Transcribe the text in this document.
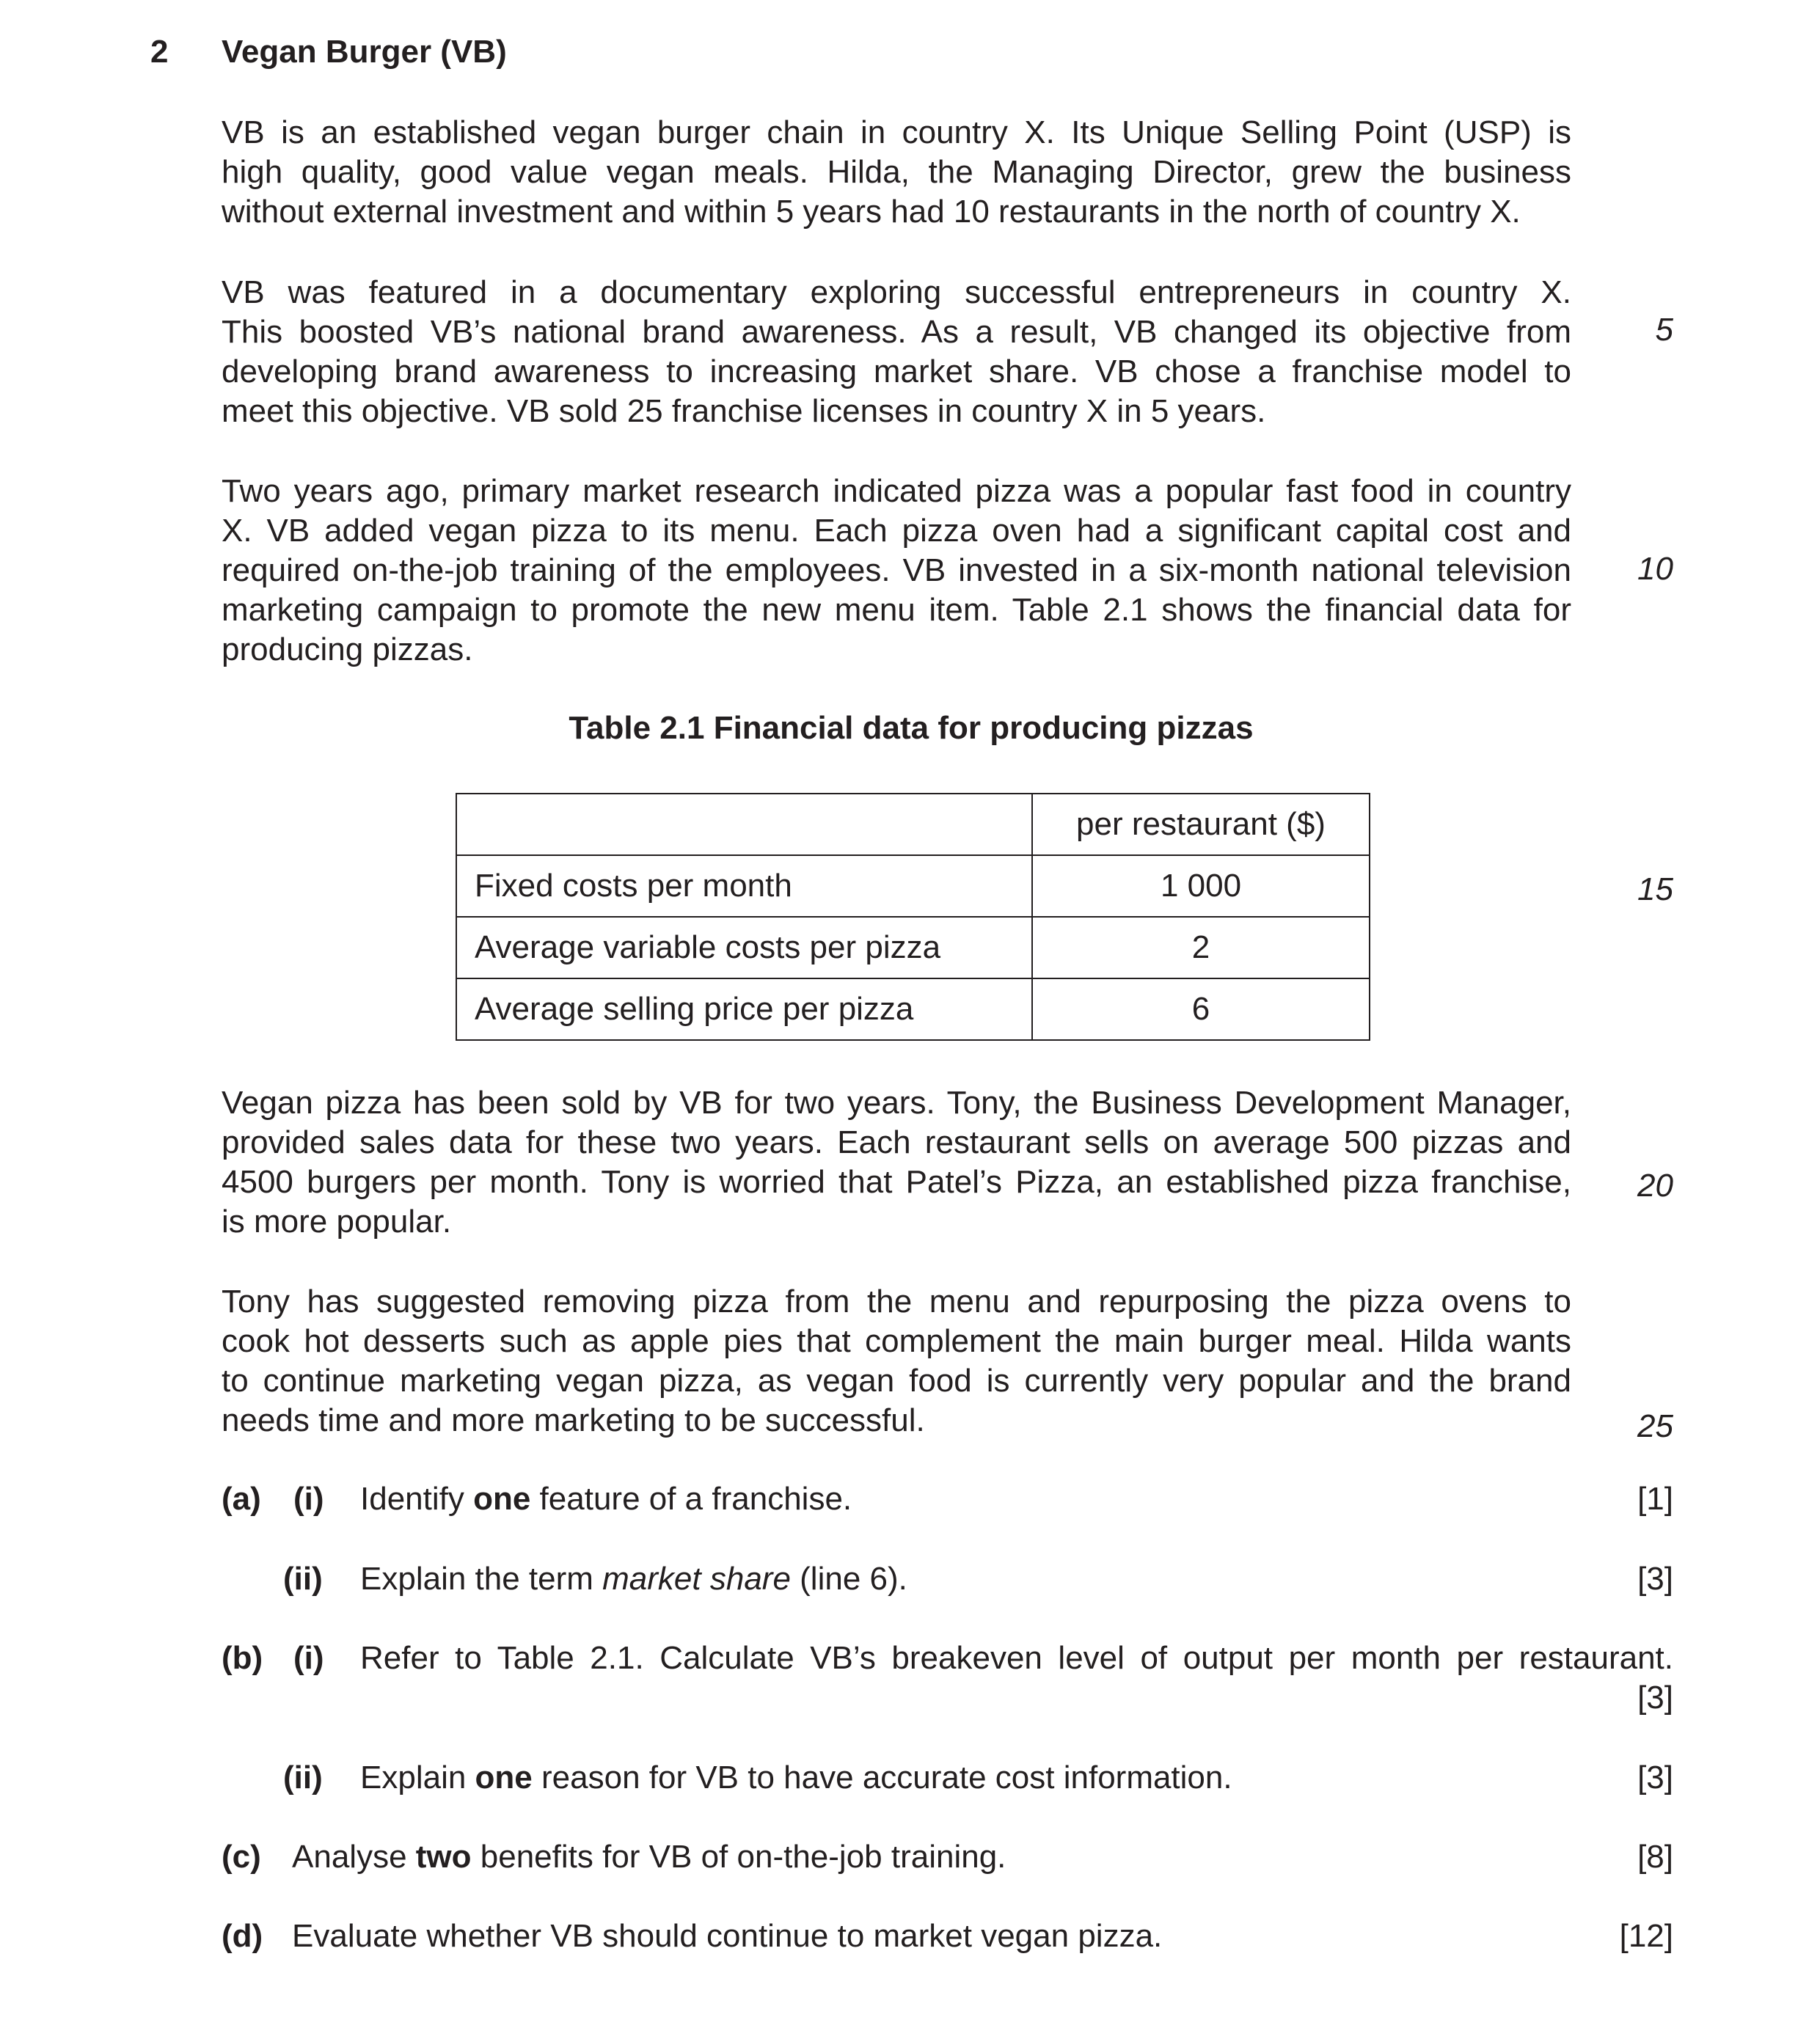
2 Vegan Burger (VB)
VB is an established vegan burger chain in country X. Its Unique Selling Point (USP) is
high quality, good value vegan meals. Hilda, the Managing Director, grew the business
without external investment and within 5 years had 10 restaurants in the north of country X.
VB was featured in a documentary exploring successful entrepreneurs in country X.
This boosted VB’s national brand awareness. As a result, VB changed its objective from
developing brand awareness to increasing market share. VB chose a franchise model to
meet this objective. VB sold 25 franchise licenses in country X in 5 years.
Two years ago, primary market research indicated pizza was a popular fast food in country
X. VB added vegan pizza to its menu. Each pizza oven had a significant capital cost and
required on-the-job training of the employees. VB invested in a six-month national television
marketing campaign to promote the new menu item. Table 2.1 shows the financial data for
producing pizzas.
5
10
15
20
25
Table 2.1 Financial data for producing pizzas
	per restaurant ($)
Fixed costs per month	1 000
Average variable costs per pizza	2
Average selling price per pizza	6
Vegan pizza has been sold by VB for two years. Tony, the Business Development Manager,
provided sales data for these two years. Each restaurant sells on average 500 pizzas and
4500 burgers per month. Tony is worried that Patel’s Pizza, an established pizza franchise,
is more popular.
Tony has suggested removing pizza from the menu and repurposing the pizza ovens to
cook hot desserts such as apple pies that complement the main burger meal. Hilda wants
to continue marketing vegan pizza, as vegan food is currently very popular and the brand
needs time and more marketing to be successful.
(a) (i) Identify one feature of a franchise.	[1]
(ii) Explain the term market share (line 6).	[3]
(b) (i) Refer to Table 2.1. Calculate VB’s breakeven level of output per month per restaurant.
[3]
(ii) Explain one reason for VB to have accurate cost information.	[3]
(c) Analyse two benefits for VB of on-the-job training.	[8]
(d) Evaluate whether VB should continue to market vegan pizza.	[12]
